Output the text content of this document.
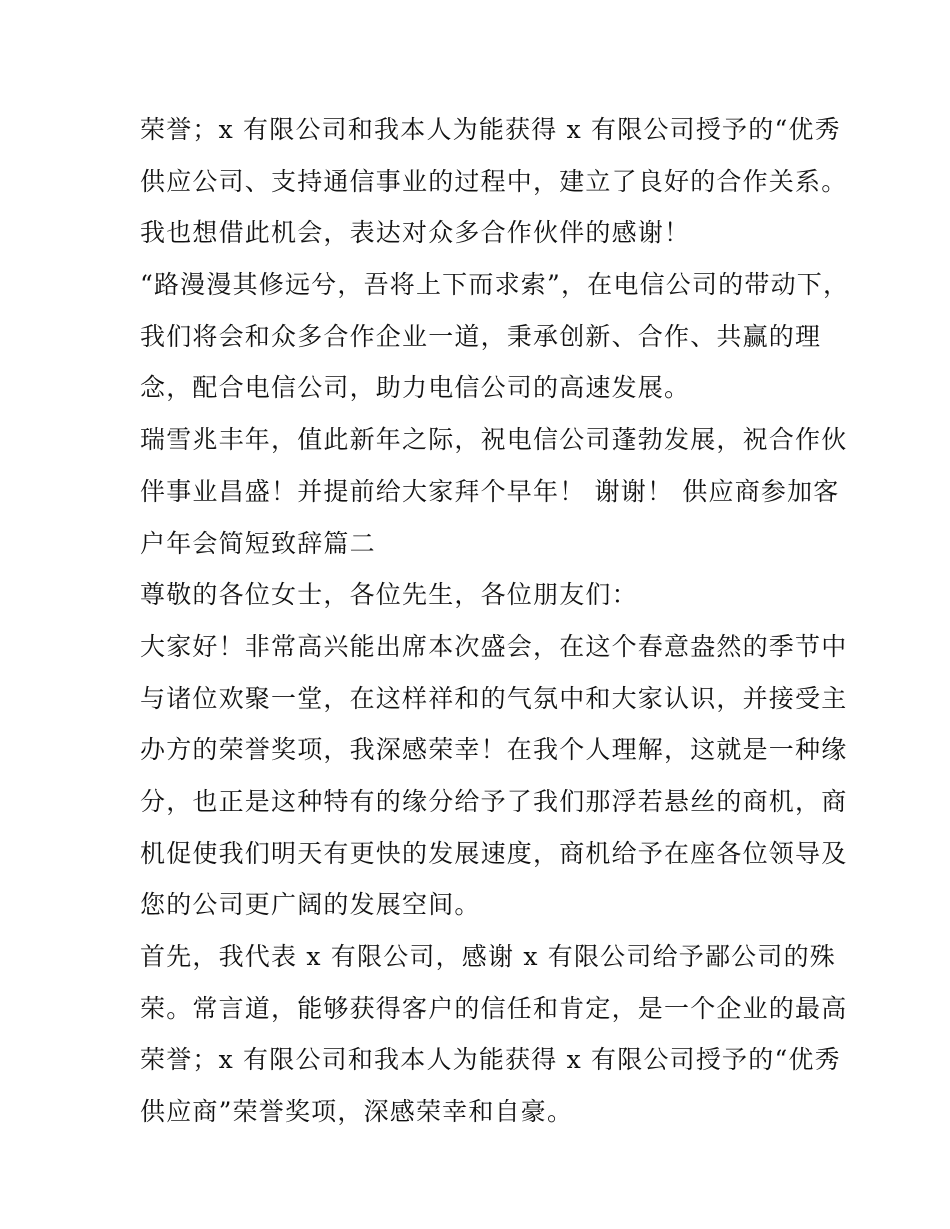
荣誉；x 有限公司和我本人为能获得 x 有限公司授予的“优秀
供应公司、支持通信事业的过程中，建立了良好的合作关系。
我也想借此机会，表达对众多合作伙伴的感谢！
“路漫漫其修远兮，吾将上下而求索”，在电信公司的带动下，
我们将会和众多合作企业一道，秉承创新、合作、共赢的理
念，配合电信公司，助力电信公司的高速发展。
瑞雪兆丰年，值此新年之际，祝电信公司蓬勃发展，祝合作伙
伴事业昌盛！并提前给大家拜个早年！ 谢谢！ 供应商参加客
户年会简短致辞篇二
尊敬的各位女士，各位先生，各位朋友们：
大家好！非常高兴能出席本次盛会，在这个春意盎然的季节中
与诸位欢聚一堂，在这样祥和的气氛中和大家认识，并接受主
办方的荣誉奖项，我深感荣幸！在我个人理解，这就是一种缘
分，也正是这种特有的缘分给予了我们那浮若悬丝的商机，商
机促使我们明天有更快的发展速度，商机给予在座各位领导及
您的公司更广阔的发展空间。
首先，我代表 x 有限公司，感谢 x 有限公司给予鄙公司的殊
荣。常言道，能够获得客户的信任和肯定，是一个企业的最高
荣誉；x 有限公司和我本人为能获得 x 有限公司授予的“优秀
供应商”荣誉奖项，深感荣幸和自豪。
